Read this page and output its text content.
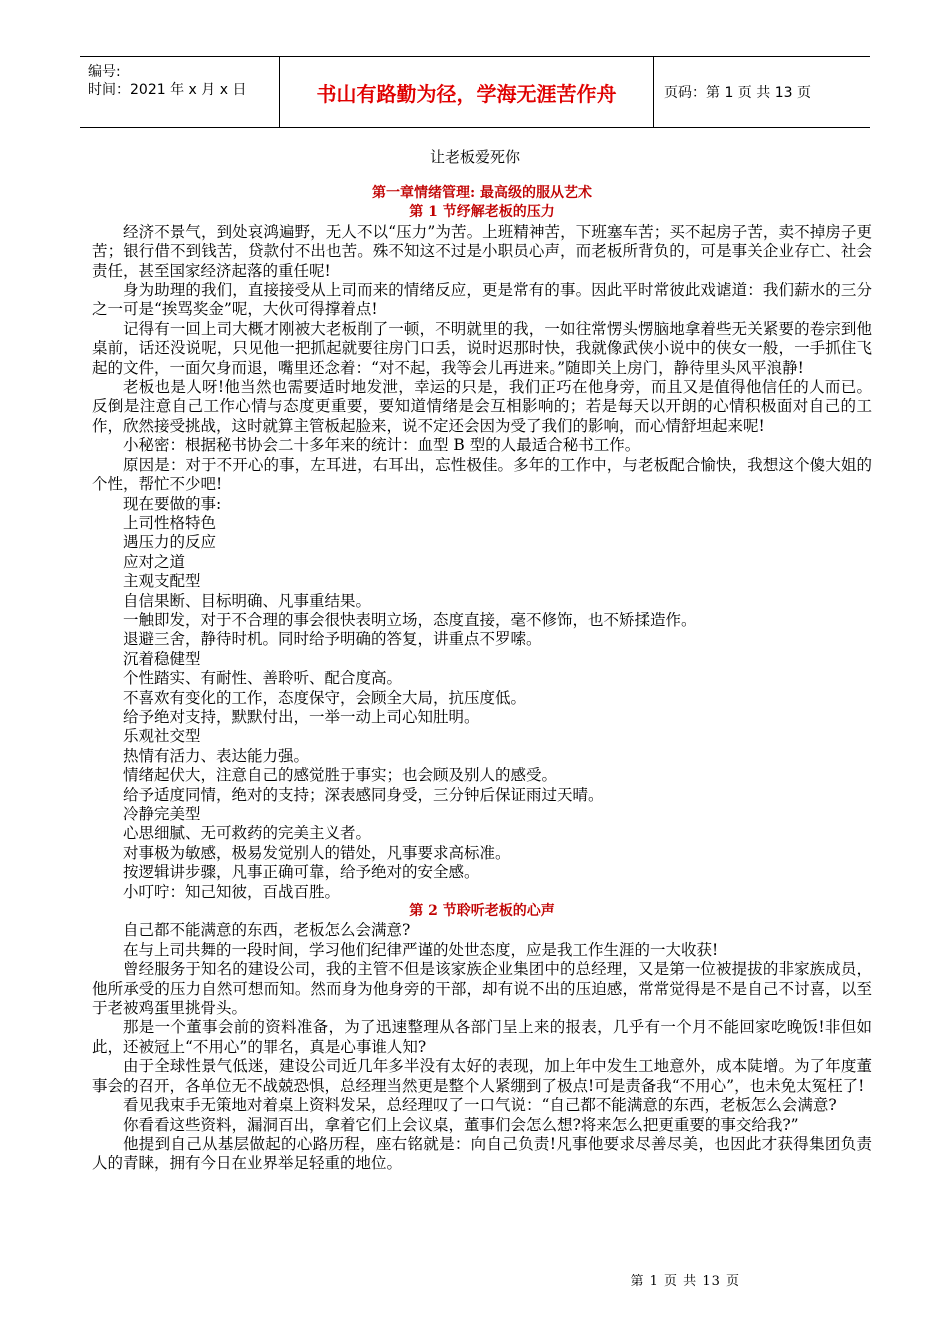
编号:
时间：2021 年 x 月 x 日	书山有路勤为径，学海无涯苦作舟	页码：第 1 页 共 13 页
让老板爱死你

第一章情绪管理: 最高级的服从艺术

第 1 节纾解老板的压力

经济不景气，到处哀鸿遍野，无人不以“压力”为苦。上班精神苦，下班塞车苦；买不起房子苦，卖不掉房子更苦；银行借不到钱苦，贷款付不出也苦。殊不知这不过是小职员心声，而老板所背负的，可是事关企业存亡、社会责任，甚至国家经济起落的重任呢!

身为助理的我们，直接接受从上司而来的情绪反应，更是常有的事。因此平时常彼此戏谑道：我们薪水的三分之一可是“挨骂奖金”呢，大伙可得撑着点!

记得有一回上司大概才刚被大老板削了一顿，不明就里的我，一如往常愣头愣脑地拿着些无关紧要的卷宗到他桌前，话还没说呢，只见他一把抓起就要往房门口丢，说时迟那时快，我就像武侠小说中的侠女一般，一手抓住飞起的文件，一面欠身而退，嘴里还念着：“对不起，我等会儿再进来。”随即关上房门，静待里头风平浪静!

老板也是人呀!他当然也需要适时地发泄，幸运的只是，我们正巧在他身旁，而且又是值得他信任的人而已。反倒是注意自己工作心情与态度更重要，要知道情绪是会互相影响的；若是每天以开朗的心情积极面对自己的工作，欣然接受挑战，这时就算主管板起脸来，说不定还会因为受了我们的影响，而心情舒坦起来呢!

小秘密：根据秘书协会二十多年来的统计：血型 B 型的人最适合秘书工作。

原因是：对于不开心的事，左耳进，右耳出，忘性极佳。多年的工作中，与老板配合愉快，我想这个傻大姐的个性，帮忙不少吧!

现在要做的事:

上司性格特色

遇压力的反应

应对之道

主观支配型

自信果断、目标明确、凡事重结果。

一触即发，对于不合理的事会很快表明立场，态度直接，毫不修饰，也不矫揉造作。

退避三舍，静待时机。同时给予明确的答复，讲重点不罗嗦。

沉着稳健型

个性踏实、有耐性、善聆听、配合度高。

不喜欢有变化的工作，态度保守，会顾全大局，抗压度低。

给予绝对支持，默默付出，一举一动上司心知肚明。

乐观社交型

热情有活力、表达能力强。

情绪起伏大，注意自己的感觉胜于事实；也会顾及别人的感受。

给予适度同情，绝对的支持；深表感同身受，三分钟后保证雨过天晴。

冷静完美型

心思细腻、无可救药的完美主义者。

对事极为敏感，极易发觉别人的错处，凡事要求高标准。

按逻辑讲步骤，凡事正确可靠，给予绝对的安全感。

小叮咛：知己知彼，百战百胜。

第 2 节聆听老板的心声

自己都不能满意的东西，老板怎么会满意?

在与上司共舞的一段时间，学习他们纪律严谨的处世态度，应是我工作生涯的一大收获!

曾经服务于知名的建设公司，我的主管不但是该家族企业集团中的总经理，又是第一位被提拔的非家族成员，他所承受的压力自然可想而知。然而身为他身旁的干部，却有说不出的压迫感，常常觉得是不是自己不讨喜，以至于老被鸡蛋里挑骨头。

那是一个董事会前的资料准备，为了迅速整理从各部门呈上来的报表，几乎有一个月不能回家吃晚饭!非但如此，还被冠上“不用心”的罪名，真是心事谁人知?

由于全球性景气低迷，建设公司近几年多半没有太好的表现，加上年中发生工地意外，成本陡增。为了年度董事会的召开，各单位无不战兢恐惧，总经理当然更是整个人紧绷到了极点!可是责备我“不用心”，也未免太冤枉了!

看见我束手无策地对着桌上资料发呆，总经理叹了一口气说：“自己都不能满意的东西，老板怎么会满意?

你看看这些资料，漏洞百出，拿着它们上会议桌，董事们会怎么想?将来怎么把更重要的事交给我?”

他提到自己从基层做起的心路历程，座右铭就是：向自己负责!凡事他要求尽善尽美，也因此才获得集团负责人的青睐，拥有今日在业界举足轻重的地位。

第 1 页 共 13 页
